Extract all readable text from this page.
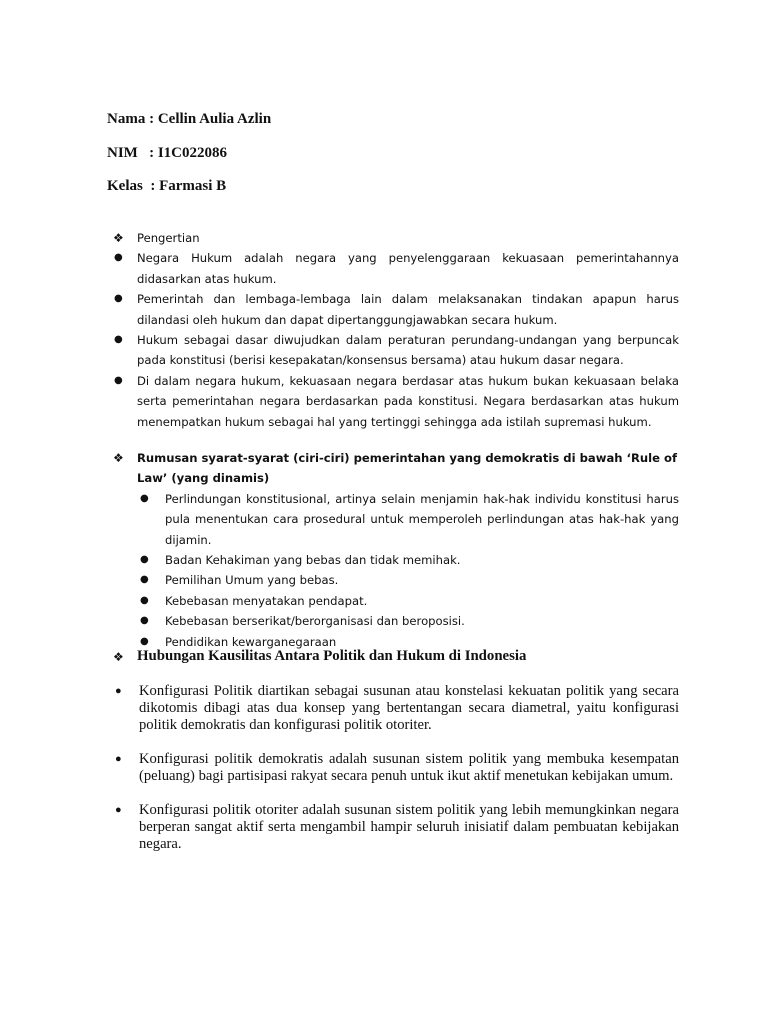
Nama : Cellin Aulia Azlin

NIM   : I1C022086

Kelas  : Farmasi B

❖ Pengertian
● Negara Hukum adalah negara yang penyelenggaraan kekuasaan pemerintahannya didasarkan atas hukum.
● Pemerintah dan lembaga-lembaga lain dalam melaksanakan tindakan apapun harus dilandasi oleh hukum dan dapat dipertanggungjawabkan secara hukum.
● Hukum sebagai dasar diwujudkan dalam peraturan perundang-undangan yang berpuncak pada konstitusi (berisi kesepakatan/konsensus bersama) atau hukum dasar negara.
● Di dalam negara hukum, kekuasaan negara berdasar atas hukum bukan kekuasaan belaka serta pemerintahan negara berdasarkan pada konstitusi. Negara berdasarkan atas hukum menempatkan hukum sebagai hal yang tertinggi sehingga ada istilah supremasi hukum.
❖ Rumusan syarat-syarat (ciri-ciri) pemerintahan yang demokratis di bawah ‘Rule of Law’ (yang dinamis)
● Perlindungan konstitusional, artinya selain menjamin hak-hak individu konstitusi harus pula menentukan cara prosedural untuk memperoleh perlindungan atas hak-hak yang dijamin.
● Badan Kehakiman yang bebas dan tidak memihak.
● Pemilihan Umum yang bebas.
● Kebebasan menyatakan pendapat.
● Kebebasan berserikat/berorganisasi dan beroposisi.
● Pendidikan kewarganegaraan
❖ Hubungan Kausilitas Antara Politik dan Hukum di Indonesia
● Konfigurasi Politik diartikan sebagai susunan atau konstelasi kekuatan politik yang secara dikotomis dibagi atas dua konsep yang bertentangan secara diametral, yaitu konfigurasi politik demokratis dan konfigurasi politik otoriter.
● Konfigurasi politik demokratis adalah susunan sistem politik yang membuka kesempatan (peluang) bagi partisipasi rakyat secara penuh untuk ikut aktif menetukan kebijakan umum.
● Konfigurasi politik otoriter adalah susunan sistem politik yang lebih memungkinkan negara berperan sangat aktif serta mengambil hampir seluruh inisiatif dalam pembuatan kebijakan negara.
